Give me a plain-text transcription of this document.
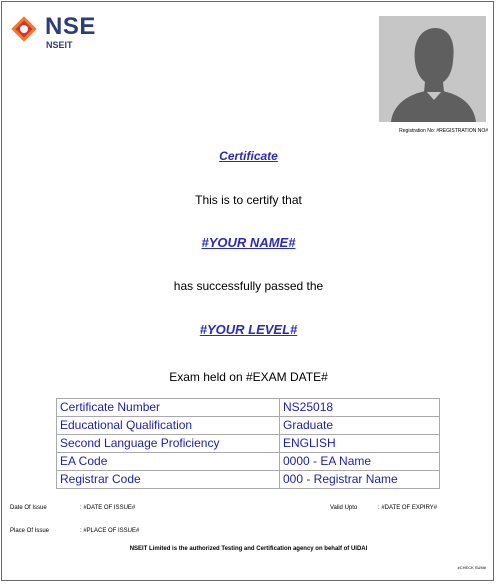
NSE
NSEIT
Registration No: #REGISTRATION NO#
Certificate
This is to certify that
#YOUR NAME#
has successfully passed the
#YOUR LEVEL#
Exam held on #EXAM DATE#
Certificate Number	NS25018
Educational Qualification	Graduate
Second Language Proficiency	ENGLISH
EA Code	0000 - EA Name
Registrar Code	000 - Registrar Name
Date Of Issue	: #DATE OF ISSUE#	Valid Upto	: #DATE OF EXPIRY#
Place Of Issue	: #PLACE OF ISSUE#
NSEIT Limited is the authorized Testing and Certification agency on behalf of UIDAI
#CHECK SUM#
